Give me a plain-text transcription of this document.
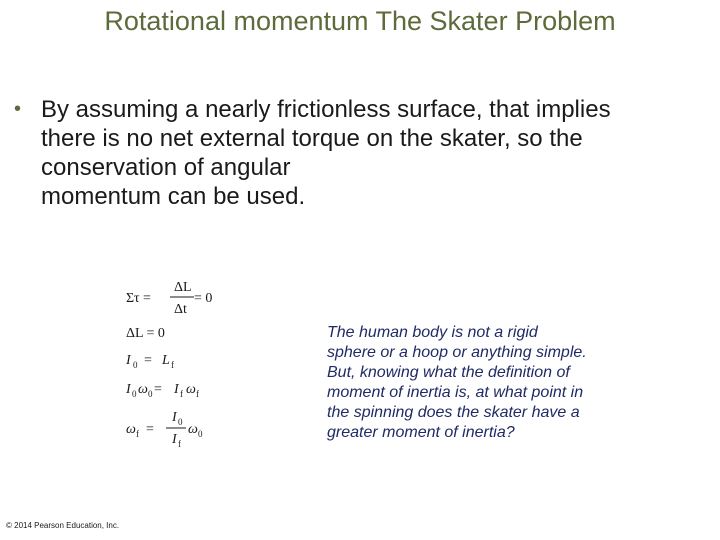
Rotational momentum The Skater Problem
• By assuming a nearly frictionless surface, that implies
there is no net external torque on the skater, so the
conservation of angular
momentum can be used.
Στ =
ΔL
Δt
= 0
ΔL = 0
I 0 = L f
I 0 ω 0 = I f ω f
ω f =
I 0
I f
ω 0
The human body is not a rigid
sphere or a hoop or anything simple.
But, knowing what the definition of
moment of inertia is, at what point in
the spinning does the skater have a
greater moment of inertia?
© 2014 Pearson Education, Inc.
